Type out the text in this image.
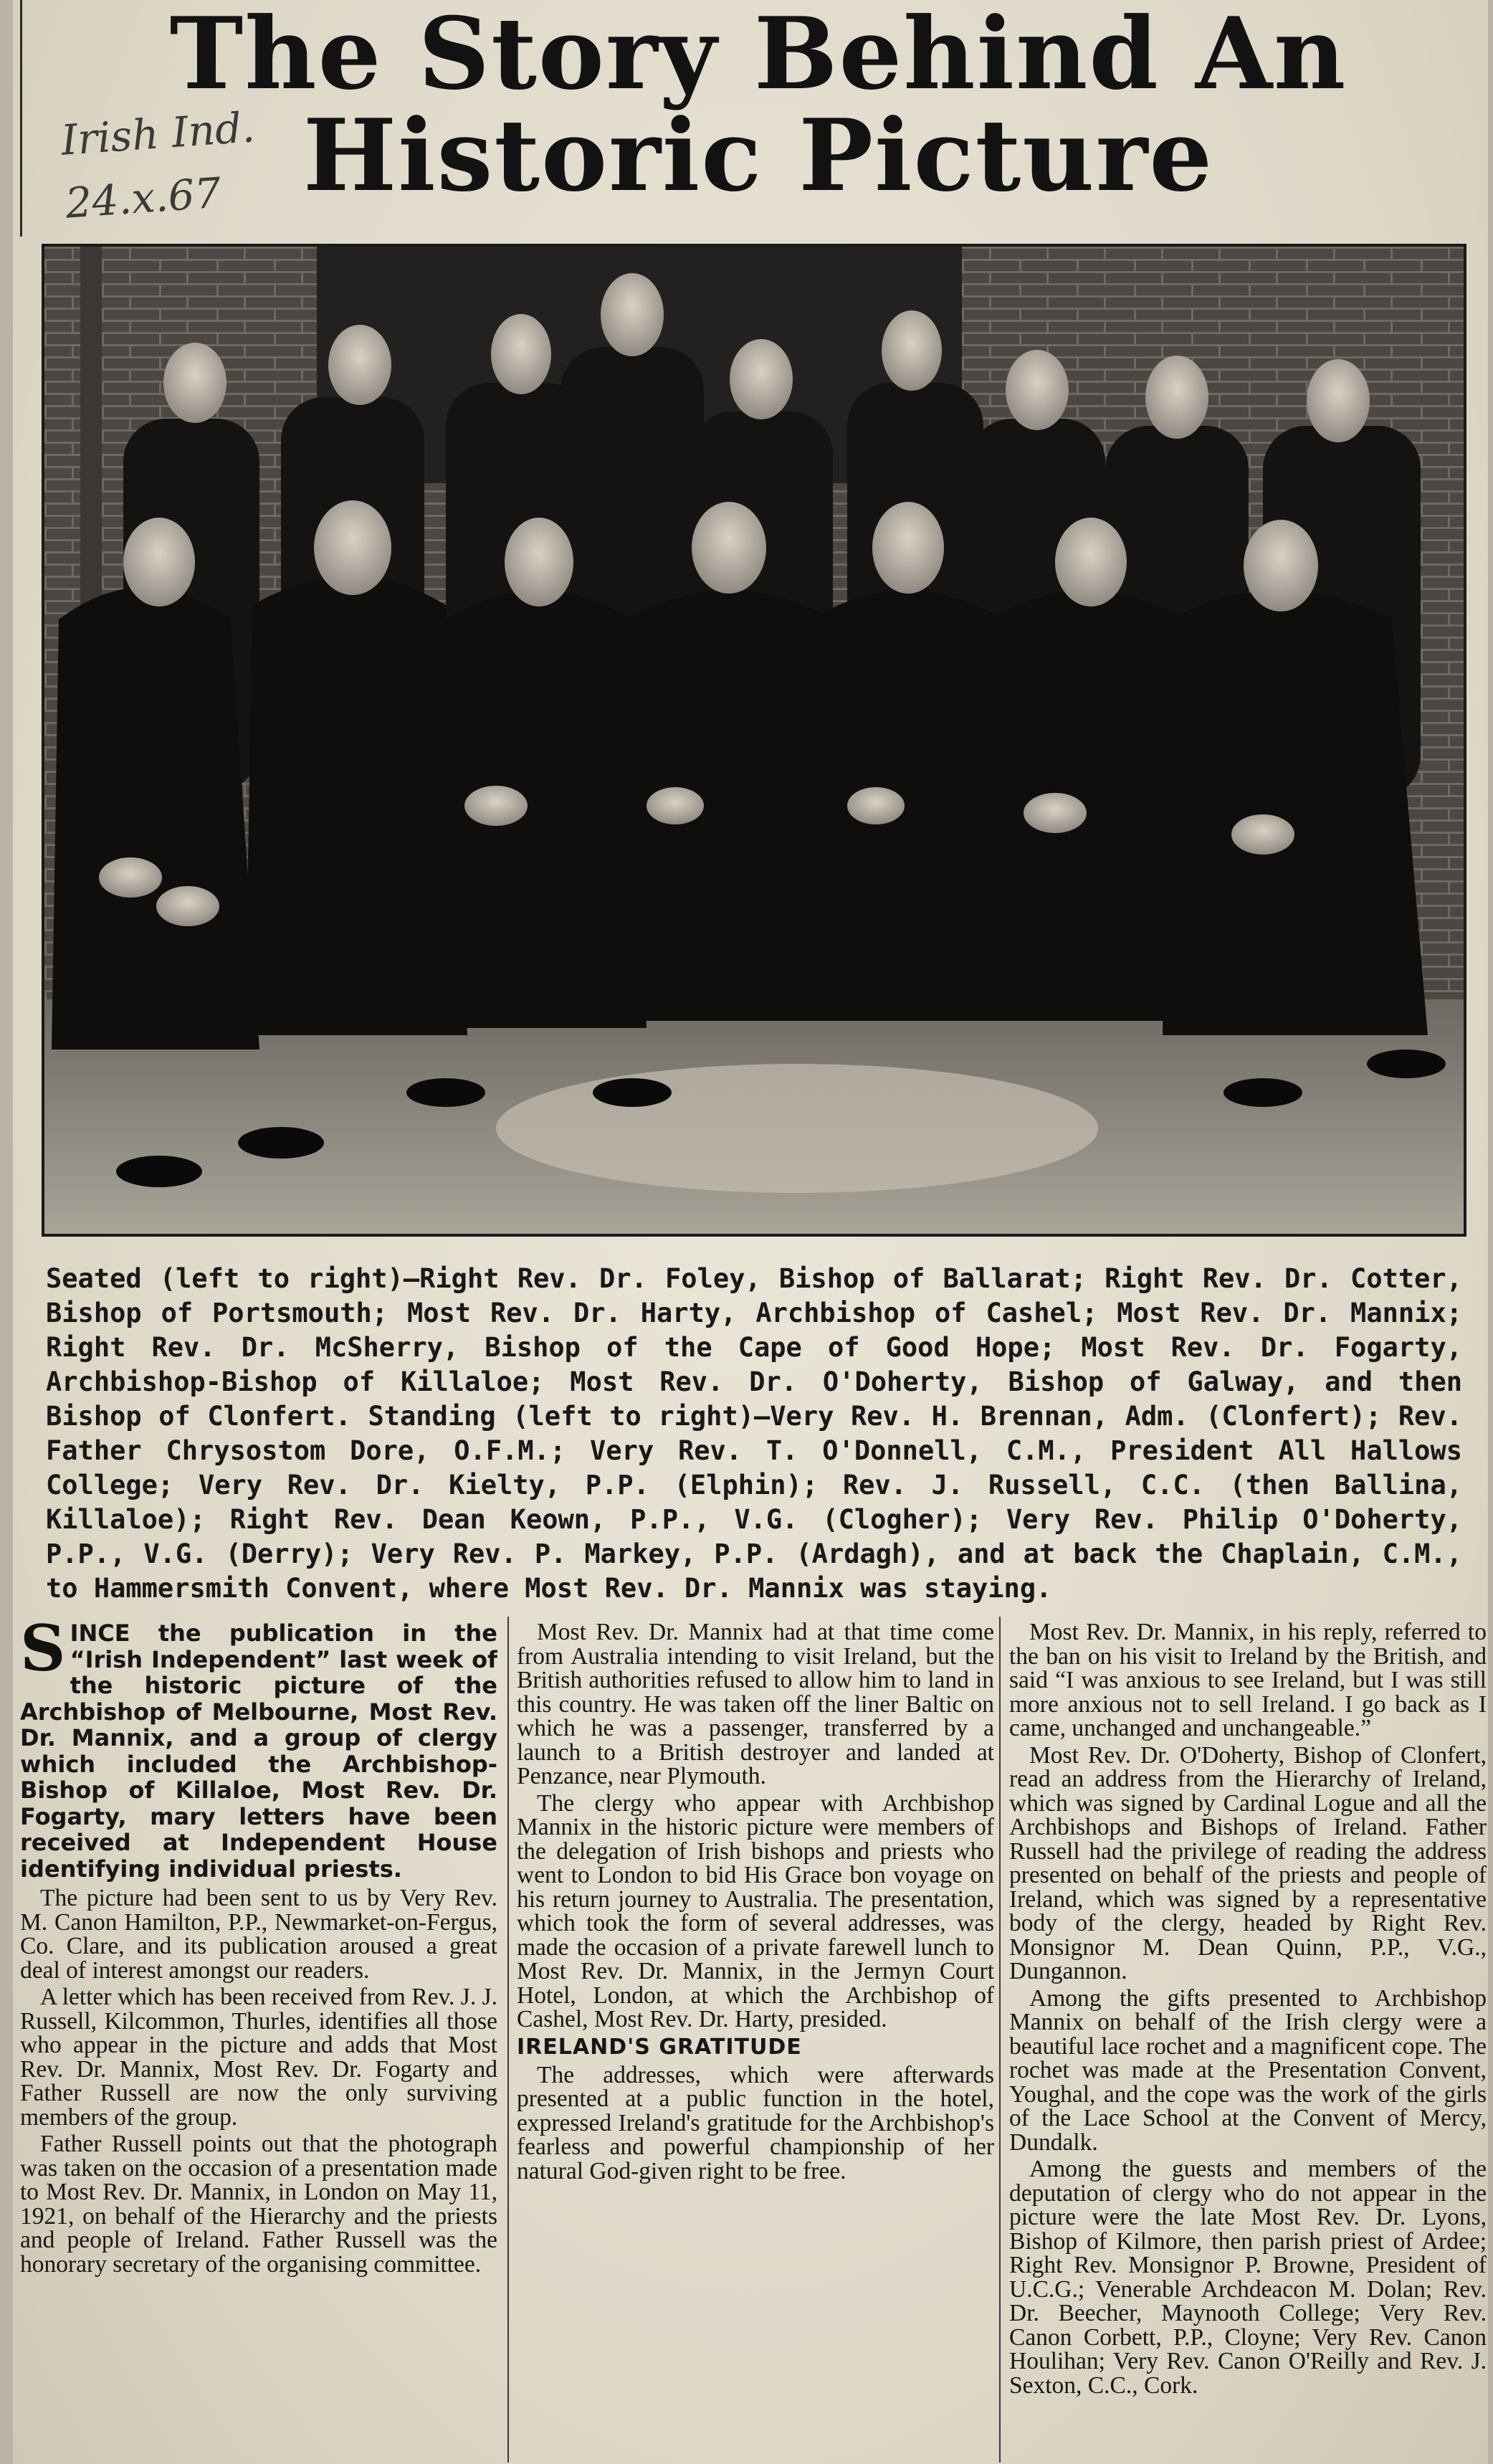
The Story Behind An
Historic Picture
Irish Ind.
24.x.67

Seated (left to right)—Right Rev. Dr. Foley, Bishop of Ballarat; Right Rev. Dr. Cotter, Bishop of Portsmouth; Most Rev. Dr. Harty, Archbishop of Cashel; Most Rev. Dr. Mannix; Right Rev. Dr. McSherry, Bishop of the Cape of Good Hope; Most Rev. Dr. Fogarty, Archbishop-Bishop of Killaloe; Most Rev. Dr. O'Doherty, Bishop of Galway, and then Bishop of Clonfert. Standing (left to right)—Very Rev. H. Brennan, Adm. (Clonfert); Rev. Father Chrysostom Dore, O.F.M.; Very Rev. T. O'Donnell, C.M., President All Hallows College; Very Rev. Dr. Kielty, P.P. (Elphin); Rev. J. Russell, C.C. (then Ballina, Killaloe); Right Rev. Dean Keown, P.P., V.G. (Clogher); Very Rev. Philip O'Doherty, P.P., V.G. (Derry); Very Rev. P. Markey, P.P. (Ardagh), and at back the Chaplain, C.M., to Hammersmith Convent, where Most Rev. Dr. Mannix was staying.

SINCE the publication in the “Irish Independent” last week of the historic picture of the Archbishop of Melbourne, Most Rev. Dr. Mannix, and a group of clergy which included the Archbishop-Bishop of Killaloe, Most Rev. Dr. Fogarty, mary letters have been received at Independent House identifying individual priests.

The picture had been sent to us by Very Rev. M. Canon Hamilton, P.P., Newmarket-on-Fergus, Co. Clare, and its publication aroused a great deal of interest amongst our readers.

A letter which has been received from Rev. J. J. Russell, Kilcommon, Thurles, identifies all those who appear in the picture and adds that Most Rev. Dr. Mannix, Most Rev. Dr. Fogarty and Father Russell are now the only surviving members of the group.

Father Russell points out that the photograph was taken on the occasion of a presentation made to Most Rev. Dr. Mannix, in London on May 11, 1921, on behalf of the Hierarchy and the priests and people of Ireland. Father Russell was the honorary secretary of the organising committee.

Most Rev. Dr. Mannix had at that time come from Australia intending to visit Ireland, but the British authorities refused to allow him to land in this country. He was taken off the liner Baltic on which he was a passenger, transferred by a launch to a British destroyer and landed at Penzance, near Plymouth.

The clergy who appear with Archbishop Mannix in the historic picture were members of the delegation of Irish bishops and priests who went to London to bid His Grace bon voyage on his return journey to Australia. The presentation, which took the form of several addresses, was made the occasion of a private farewell lunch to Most Rev. Dr. Mannix, in the Jermyn Court Hotel, London, at which the Archbishop of Cashel, Most Rev. Dr. Harty, presided.

IRELAND'S GRATITUDE

The addresses, which were afterwards presented at a public function in the hotel, expressed Ireland's gratitude for the Archbishop's fearless and powerful championship of her natural God-given right to be free.

Most Rev. Dr. Mannix, in his reply, referred to the ban on his visit to Ireland by the British, and said “I was anxious to see Ireland, but I was still more anxious not to sell Ireland. I go back as I came, unchanged and unchangeable.”

Most Rev. Dr. O'Doherty, Bishop of Clonfert, read an address from the Hierarchy of Ireland, which was signed by Cardinal Logue and all the Archbishops and Bishops of Ireland. Father Russell had the privilege of reading the address presented on behalf of the priests and people of Ireland, which was signed by a representative body of the clergy, headed by Right Rev. Monsignor M. Dean Quinn, P.P., V.G., Dungannon.

Among the gifts presented to Archbishop Mannix on behalf of the Irish clergy were a beautiful lace rochet and a magnificent cope. The rochet was made at the Presentation Convent, Youghal, and the cope was the work of the girls of the Lace School at the Convent of Mercy, Dundalk.

Among the guests and members of the deputation of clergy who do not appear in the picture were the late Most Rev. Dr. Lyons, Bishop of Kilmore, then parish priest of Ardee; Right Rev. Monsignor P. Browne, President of U.C.G.; Venerable Archdeacon M. Dolan; Rev. Dr. Beecher, Maynooth College; Very Rev. Canon Corbett, P.P., Cloyne; Very Rev. Canon Houlihan; Very Rev. Canon O'Reilly and Rev. J. Sexton, C.C., Cork.
